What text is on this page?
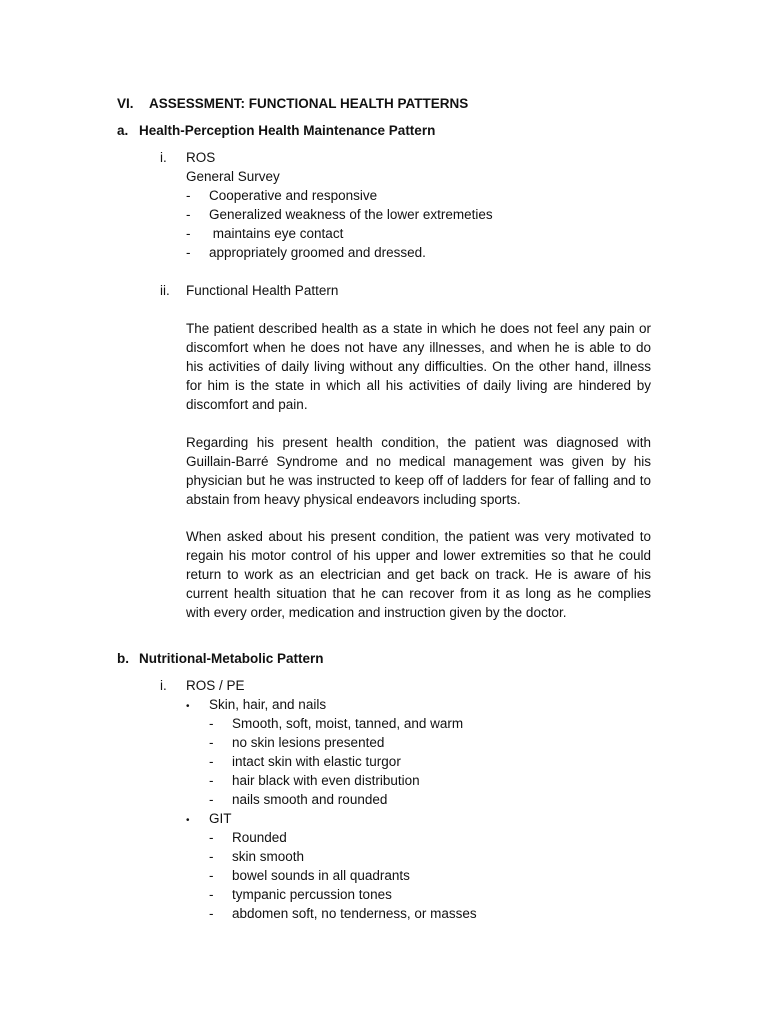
VI. ASSESSMENT: FUNCTIONAL HEALTH PATTERNS
a. Health-Perception Health Maintenance Pattern
i. ROS
General Survey
- Cooperative and responsive
- Generalized weakness of the lower extremeties
- maintains eye contact
- appropriately groomed and dressed.
ii. Functional Health Pattern
The patient described health as a state in which he does not feel any pain or discomfort when he does not have any illnesses, and when he is able to do his activities of daily living without any difficulties. On the other hand, illness for him is the state in which all his activities of daily living are hindered by discomfort and pain.
Regarding his present health condition, the patient was diagnosed with Guillain-Barré Syndrome and no medical management was given by his physician but he was instructed to keep off of ladders for fear of falling and to abstain from heavy physical endeavors including sports.
When asked about his present condition, the patient was very motivated to regain his motor control of his upper and lower extremities so that he could return to work as an electrician and get back on track. He is aware of his current health situation that he can recover from it as long as he complies with every order, medication and instruction given by the doctor.
b. Nutritional-Metabolic Pattern
i. ROS / PE
• Skin, hair, and nails
- Smooth, soft, moist, tanned, and warm
- no skin lesions presented
- intact skin with elastic turgor
- hair black with even distribution
- nails smooth and rounded
• GIT
- Rounded
- skin smooth
- bowel sounds in all quadrants
- tympanic percussion tones
- abdomen soft, no tenderness, or masses
